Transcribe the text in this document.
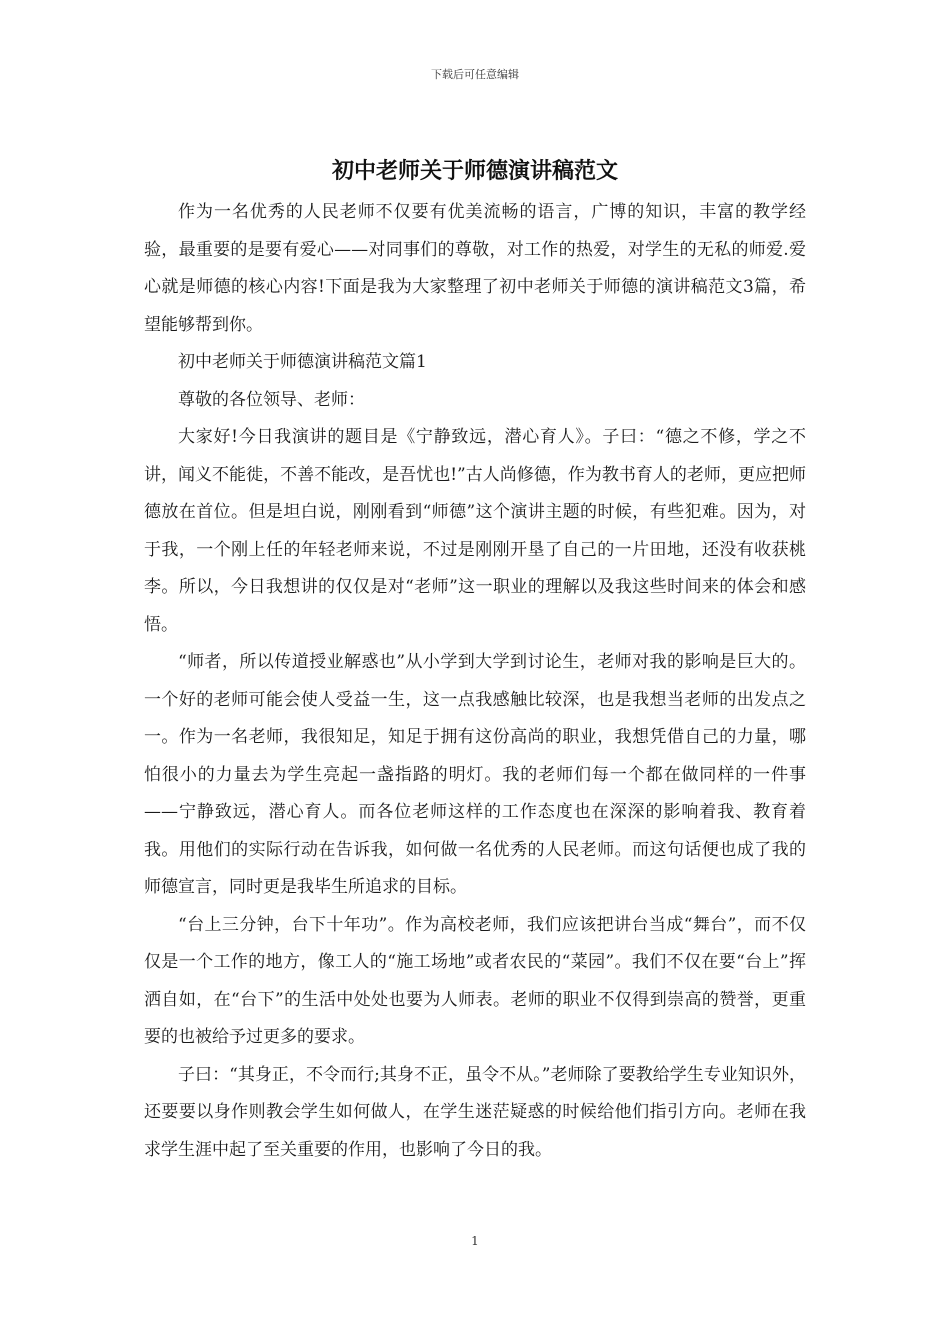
下载后可任意编辑
初中老师关于师德演讲稿范文

作为一名优秀的人民老师不仅要有优美流畅的语言，广博的知识，丰富的教学经验，最重要的是要有爱心——对同事们的尊敬，对工作的热爱，对学生的无私的师爱.爱心就是师德的核心内容!下面是我为大家整理了初中老师关于师德的演讲稿范文3篇，希望能够帮到你。

初中老师关于师德演讲稿范文篇1

尊敬的各位领导、老师：

大家好!今日我演讲的题目是《宁静致远，潜心育人》。子曰：“德之不修，学之不讲，闻义不能徙，不善不能改，是吾忧也!”古人尚修德，作为教书育人的老师，更应把师德放在首位。但是坦白说，刚刚看到“师德”这个演讲主题的时候，有些犯难。因为，对于我，一个刚上任的年轻老师来说，不过是刚刚开垦了自己的一片田地，还没有收获桃李。所以，今日我想讲的仅仅是对“老师”这一职业的理解以及我这些时间来的体会和感悟。

“师者，所以传道授业解惑也”从小学到大学到讨论生，老师对我的影响是巨大的。一个好的老师可能会使人受益一生，这一点我感触比较深，也是我想当老师的出发点之一。作为一名老师，我很知足，知足于拥有这份高尚的职业，我想凭借自己的力量，哪怕很小的力量去为学生亮起一盏指路的明灯。我的老师们每一个都在做同样的一件事——宁静致远，潜心育人。而各位老师这样的工作态度也在深深的影响着我、教育着我。用他们的实际行动在告诉我，如何做一名优秀的人民老师。而这句话便也成了我的师德宣言，同时更是我毕生所追求的目标。

“台上三分钟，台下十年功”。作为高校老师，我们应该把讲台当成“舞台”，而不仅仅是一个工作的地方，像工人的“施工场地”或者农民的“菜园”。我们不仅在要“台上”挥洒自如，在“台下”的生活中处处也要为人师表。老师的职业不仅得到崇高的赞誉，更重要的也被给予过更多的要求。

子曰：“其身正，不令而行;其身不正，虽令不从。”老师除了要教给学生专业知识外，还要要以身作则教会学生如何做人，在学生迷茫疑惑的时候给他们指引方向。老师在我求学生涯中起了至关重要的作用，也影响了今日的我。

1
